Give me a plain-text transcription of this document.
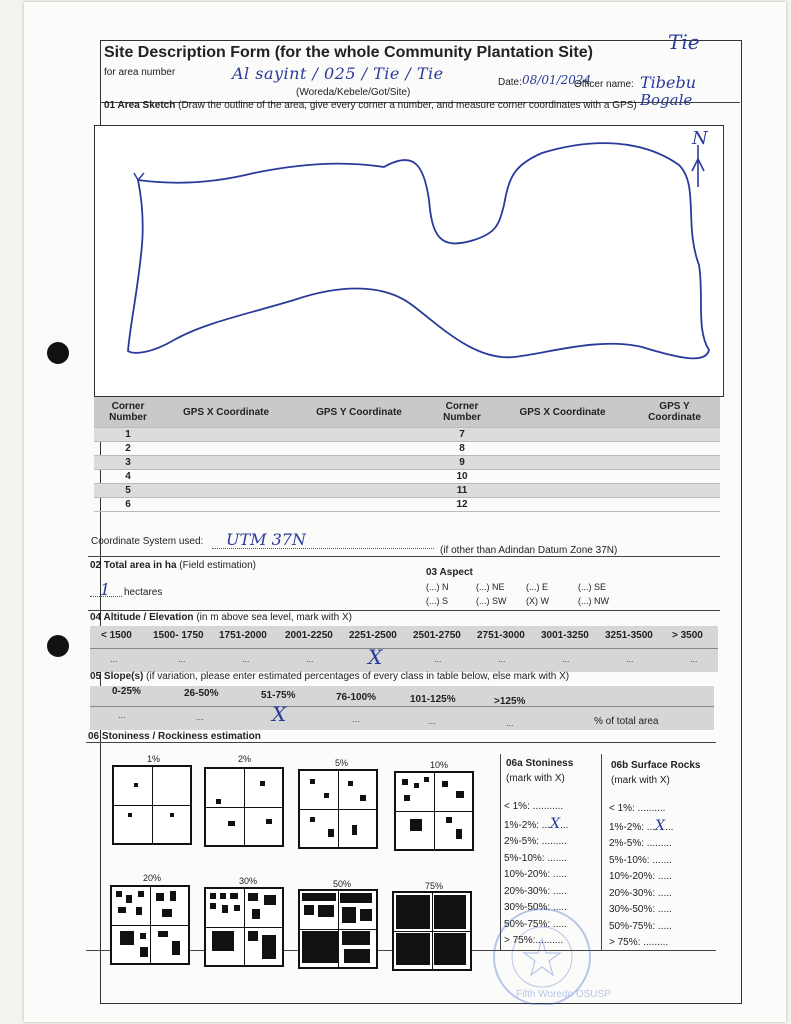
Tie
Site Description Form (for the whole Community Plantation Site)
for area number	Al sayint / 025 / Tie / Tie
(Woreda/Kebele/Got/Site)
Date: 08/01/2024
Officer name: Tibebu
Bogale
01 Area Sketch (Draw the outline of the area, give every corner a number, and measure corner coordinates with a GPS)
N
Corner Number	GPS X Coordinate	GPS Y Coordinate	Corner Number	GPS X Coordinate	GPS Y Coordinate
1			7		
2			8		
3			9		
4			10		
5			11		
6			12		
Coordinate System used: UTM 37N
(if other than Adindan Datum Zone 37N)
02 Total area in ha (Field estimation)
1 hectares
03 Aspect
(...) N	(...) NE (...) E	(...) SE
(...) S	(...) SW (X) W	(...) NW
04 Altitude / Elevation (in m above sea level, mark with X)
< 1500 1500- 1750 1751-2000 2001-2250 2251-2500 2501-2750 2751-3000 3001-3250 3251-3500 > 3500
...	...	...	...	X	...	...	...	...	...
05 Slope(s) (if variation, please enter estimated percentages of every class in table below, else mark with X)
0-25%	26-50%	51-75%	76-100%	101-125%	>125%
...	...	X	...	...	...	% of total area
06 Stoniness / Rockiness estimation
1%	2%	5%	10%
20%	30%	50%	75%
06a Stoniness
(mark with X)
< 1%: ...........
1%-2%: ...X...
2%-5%: .........
5%-10%: .......
10%-20%: .....
20%-30%: .....
30%-50%: .....
50%-75%: .....
> 75%:..........
06b Surface Rocks
(mark with X)
< 1%: ..........
1%-2%: ...X...
2%-5%: .........
5%-10%: .......
10%-20%: .....
20%-30%: .....
30%-50%: .....
50%-75%: .....
> 75%: .........
Fifth Woredo OSUSP
